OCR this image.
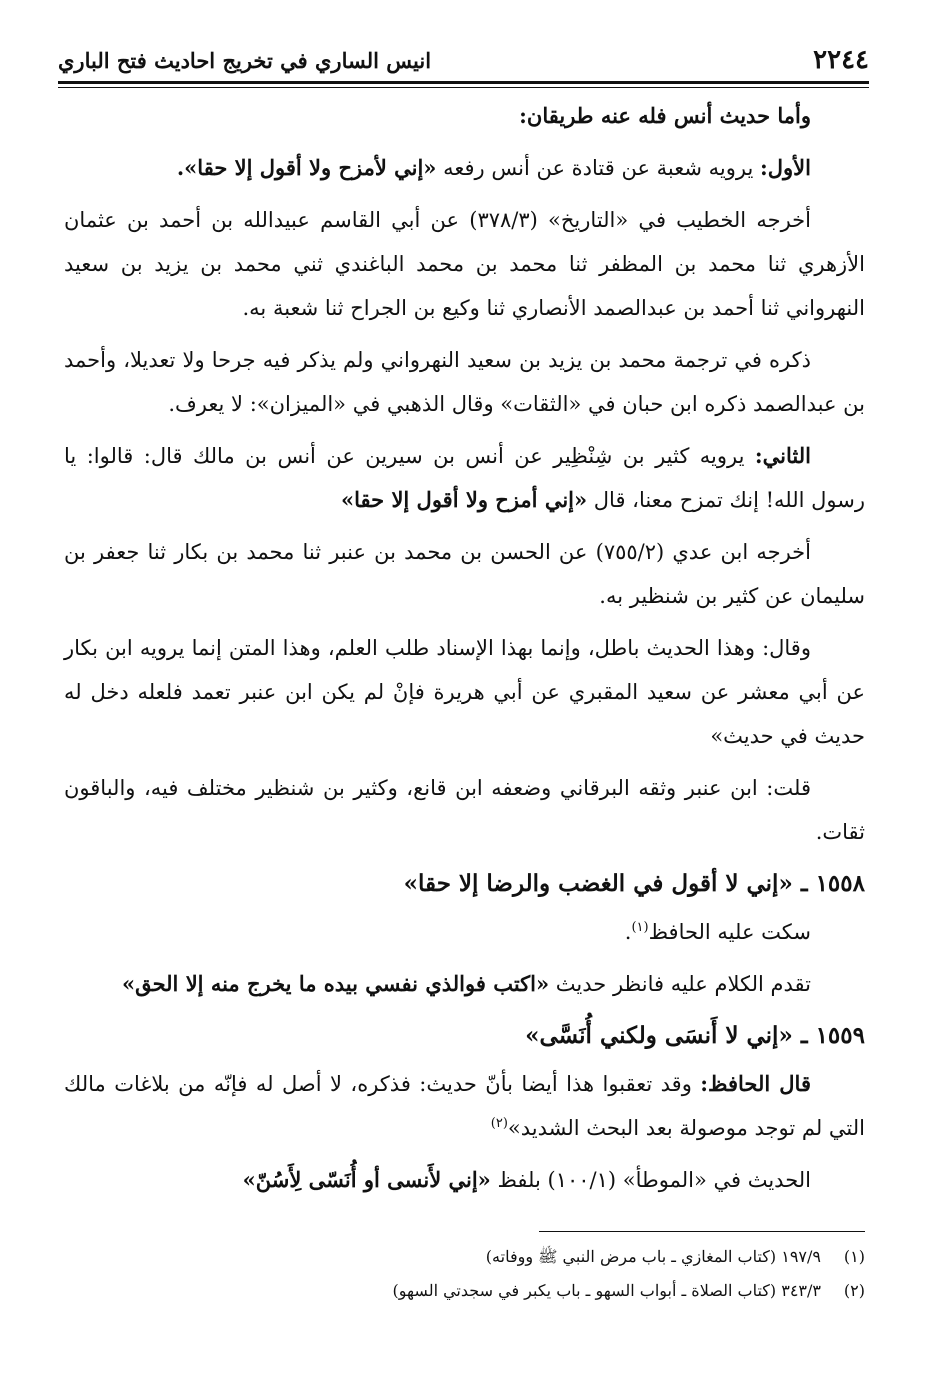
٢٢٤٤
انيس الساري في تخريج احاديث فتح الباري

وأما حديث أنس فله عنه طريقان:

الأول: يرويه شعبة عن قتادة عن أنس رفعه «إني لأمزح ولا أقول إلا حقا».

أخرجه الخطيب في «التاريخ» (٣٧٨/٣) عن أبي القاسم عبيدالله بن أحمد بن عثمان الأزهري ثنا محمد بن المظفر ثنا محمد بن محمد الباغندي ثني محمد بن يزيد بن سعيد النهرواني ثنا أحمد بن عبدالصمد الأنصاري ثنا وكيع بن الجراح ثنا شعبة به.

ذكره في ترجمة محمد بن يزيد بن سعيد النهرواني ولم يذكر فيه جرحا ولا تعديلا، وأحمد بن عبدالصمد ذكره ابن حبان في «الثقات» وقال الذهبي في «الميزان»: لا يعرف.

الثاني: يرويه كثير بن شِنْظِير عن أنس بن سيرين عن أنس بن مالك قال: قالوا: يا رسول الله! إنك تمزح معنا، قال «إني أمزح ولا أقول إلا حقا»

أخرجه ابن عدي (٧٥٥/٢) عن الحسن بن محمد بن عنبر ثنا محمد بن بكار ثنا جعفر بن سليمان عن كثير بن شنظير به.

وقال: وهذا الحديث باطل، وإنما بهذا الإسناد طلب العلم، وهذا المتن إنما يرويه ابن بكار عن أبي معشر عن سعيد المقبري عن أبي هريرة فإنْ لم يكن ابن عنبر تعمد فلعله دخل له حديث في حديث»

قلت: ابن عنبر وثقه البرقاني وضعفه ابن قانع، وكثير بن شنظير مختلف فيه، والباقون ثقات.

١٥٥٨ ـ «إني لا أقول في الغضب والرضا إلا حقا»

سكت عليه الحافظ$^{(١)}$.

تقدم الكلام عليه فانظر حديث «اكتب فوالذي نفسي بيده ما يخرج منه إلا الحق»

١٥٥٩ ـ «إني لا أَنسَى ولكني أُنَسَّى»

قال الحافظ: وقد تعقبوا هذا أيضا بأنّ حديث: فذكره، لا أصل له فإنّه من بلاغات مالك التي لم توجد موصولة بعد البحث الشديد»$^{(٢)}$

الحديث في «الموطأ» (١٠٠/١) بلفظ «إني لأَنسى أو أُنَسّى لِأَسُنّ»

(١)١٩٧/٩ (كتاب المغازي ـ باب مرض النبي ﷺ ووفاته)

(٢)٣٤٣/٣ (كتاب الصلاة ـ أبواب السهو ـ باب يكبر في سجدتي السهو)
